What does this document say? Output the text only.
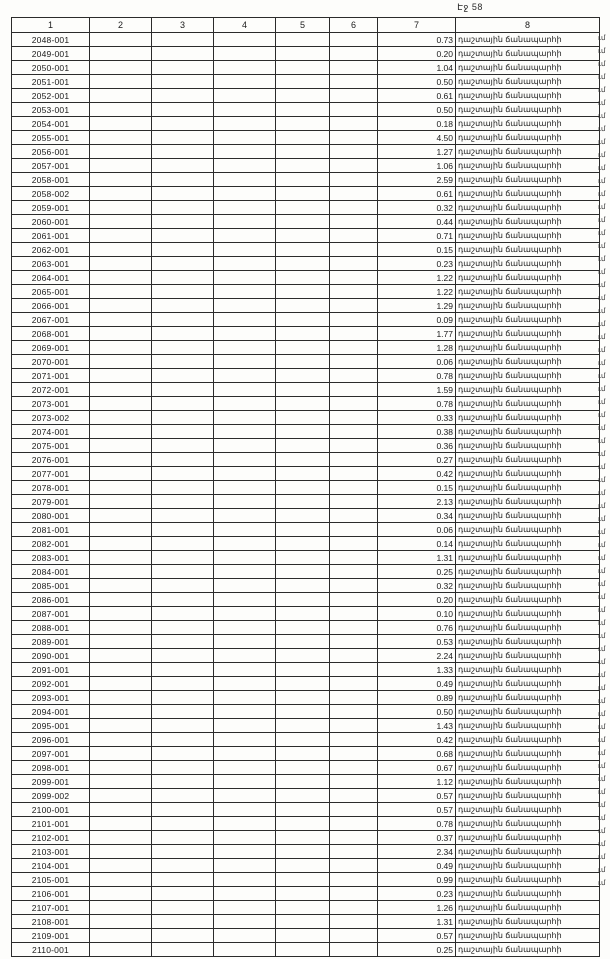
Էջ 58
1	2	3	4	5	6	7	8
2048-001						0.73	դաշտային ճանապարհի
2049-001						0.20	դաշտային ճանապարհի
2050-001						1.04	դաշտային ճանապարհի
2051-001						0.50	դաշտային ճանապարհի
2052-001						0.61	դաշտային ճանապարհի
2053-001						0.50	դաշտային ճանապարհի
2054-001						0.18	դաշտային ճանապարհի
2055-001						4.50	դաշտային ճանապարհի
2056-001						1.27	դաշտային ճանապարհի
2057-001						1.06	դաշտային ճանապարհի
2058-001						2.59	դաշտային ճանապարհի
2058-002						0.61	դաշտային ճանապարհի
2059-001						0.32	դաշտային ճանապարհի
2060-001						0.44	դաշտային ճանապարհի
2061-001						0.71	դաշտային ճանապարհի
2062-001						0.15	դաշտային ճանապարհի
2063-001						0.23	դաշտային ճանապարհի
2064-001						1.22	դաշտային ճանապարհի
2065-001						1.22	դաշտային ճանապարհի
2066-001						1.29	դաշտային ճանապարհի
2067-001						0.09	դաշտային ճանապարհի
2068-001						1.77	դաշտային ճանապարհի
2069-001						1.28	դաշտային ճանապարհի
2070-001						0.06	դաշտային ճանապարհի
2071-001						0.78	դաշտային ճանապարհի
2072-001						1.59	դաշտային ճանապարհի
2073-001						0.78	դաշտային ճանապարհի
2073-002						0.33	դաշտային ճանապարհի
2074-001						0.38	դաշտային ճանապարհի
2075-001						0.36	դաշտային ճանապարհի
2076-001						0.27	դաշտային ճանապարհի
2077-001						0.42	դաշտային ճանապարհի
2078-001						0.15	դաշտային ճանապարհի
2079-001						2.13	դաշտային ճանապարհի
2080-001						0.34	դաշտային ճանապարհի
2081-001						0.06	դաշտային ճանապարհի
2082-001						0.14	դաշտային ճանապարհի
2083-001						1.31	դաշտային ճանապարհի
2084-001						0.25	դաշտային ճանապարհի
2085-001						0.32	դաշտային ճանապարհի
2086-001						0.20	դաշտային ճանապարհի
2087-001						0.10	դաշտային ճանապարհի
2088-001						0.76	դաշտային ճանապարհի
2089-001						0.53	դաշտային ճանապարհի
2090-001						2.24	դաշտային ճանապարհի
2091-001						1.33	դաշտային ճանապարհի
2092-001						0.49	դաշտային ճանապարհի
2093-001						0.89	դաշտային ճանապարհի
2094-001						0.50	դաշտային ճանապարհի
2095-001						1.43	դաշտային ճանապարհի
2096-001						0.42	դաշտային ճանապարհի
2097-001						0.68	դաշտային ճանապարհի
2098-001						0.67	դաշտային ճանապարհի
2099-001						1.12	դաշտային ճանապարհի
2099-002						0.57	դաշտային ճանապարհի
2100-001						0.57	դաշտային ճանապարհի
2101-001						0.78	դաշտային ճանապարհի
2102-001						0.37	դաշտային ճանապարհի
2103-001						2.34	դաշտային ճանապարհի
2104-001						0.49	դաշտային ճանապարհի
2105-001						0.99	դաշտային ճանապարհի
2106-001						0.23	դաշտային ճանապարհի
2107-001						1.26	դաշտային ճանապարհի
2108-001						1.31	դաշտային ճանապարհի
2109-001						0.57	դաշտային ճանապարհի
2110-001						0.25	դաշտային ճանապարհի
ւմ
ւմ
ւմ
ւմ
ւմ
ւմ
ւմ
ւմ
ւմ
ւմ
ւմ
ւմ
ւմ
ւմ
ւմ
ւմ
ւմ
ւմ
ւմ
ւմ
ւմ
ւմ
ւմ
ւմ
ւմ
ւմ
ւմ
ւմ
ւմ
ւմ
ւմ
ւմ
ւմ
ւմ
ւմ
ւմ
ւմ
ւմ
ւմ
ւմ
ւմ
ւմ
ւմ
ւմ
ւմ
ւմ
ւմ
ւմ
ւմ
ւմ
ւմ
ւմ
ւմ
ւմ
ւմ
ւմ
ւմ
ւմ
ւմ
ւմ
ւմ
ւմ
ւմ
ւմ
ւմ
ւմ
